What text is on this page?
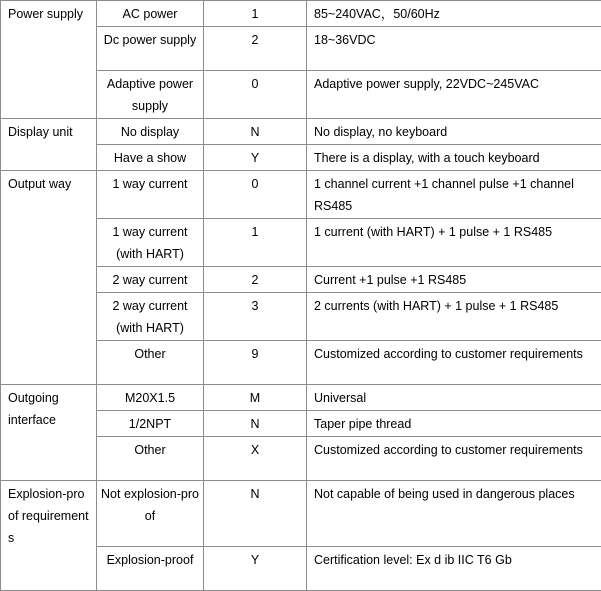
Power supply	AC power	1	85~240VAC，50/60Hz
	Dc power supply	2	18~36VDC
	Adaptive power supply	0	Adaptive power supply, 22VDC~245VAC
Display unit	No display	N	No display, no keyboard
	Have a show	Y	There is a display, with a touch keyboard
Output way	1 way current	0	1 channel current +1 channel pulse +1 channel RS485
	1 way current (with HART)	1	1 current (with HART) + 1 pulse + 1 RS485
	2 way current	2	Current +1 pulse +1 RS485
	2 way current (with HART)	3	2 currents (with HART) + 1 pulse + 1 RS485
	Other	9	Customized according to customer requirements
Outgoing interface	M20X1.5	M	Universal
	1/2NPT	N	Taper pipe thread
	Other	X	Customized according to customer requirements
Explosion-proof requirements	Not explosion-proof	N	Not capable of being used in dangerous places
	Explosion-proof	Y	Certification level: Ex d ib IIC T6 Gb
